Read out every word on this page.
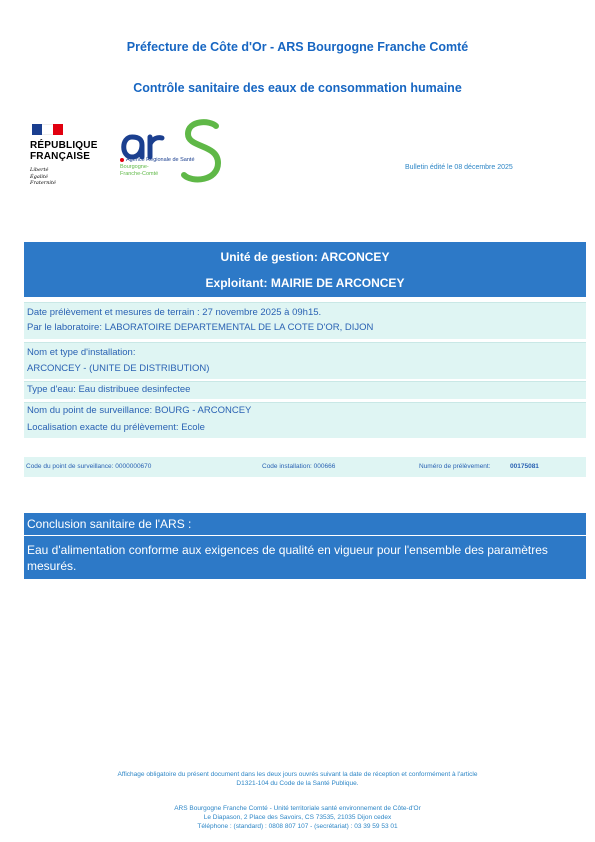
Préfecture de Côte d'Or - ARS Bourgogne Franche Comté
Contrôle sanitaire des eaux de consommation humaine
RÉPUBLIQUE
FRANÇAISE
Liberté
Égalité
Fraternité
Agence Régionale de Santé
Bourgogne-
Franche-Comté
Bulletin édité le 08 décembre 2025
Unité de gestion: ARCONCEY
Exploitant: MAIRIE DE ARCONCEY
Date prélèvement et mesures de terrain : 27 novembre 2025 à 09h15.
Par le laboratoire: LABORATOIRE DEPARTEMENTAL DE LA COTE D'OR, DIJON
Nom et type d'installation:
ARCONCEY - (UNITE DE DISTRIBUTION)
Type d'eau: Eau distribuee desinfectee
Nom du point de surveillance: BOURG - ARCONCEY
Localisation exacte du prélèvement: Ecole
Code du point de surveillance: 0000000670	Code installation: 000666	Numéro de prélèvement:	00175081
Conclusion sanitaire de l'ARS :
Eau d'alimentation conforme aux exigences de qualité en vigueur pour l'ensemble des paramètres mesurés.
Affichage obligatoire du présent document dans les deux jours ouvrés suivant la date de réception et conformément à l'article
D1321-104 du Code de la Santé Publique.
ARS Bourgogne Franche Comté - Unité territoriale santé environnement de Côte-d'Or
Le Diapason, 2 Place des Savoirs, CS 73535, 21035 Dijon cedex
Téléphone : (standard) : 0808 807 107 - (secrétariat) : 03 39 59 53 01
